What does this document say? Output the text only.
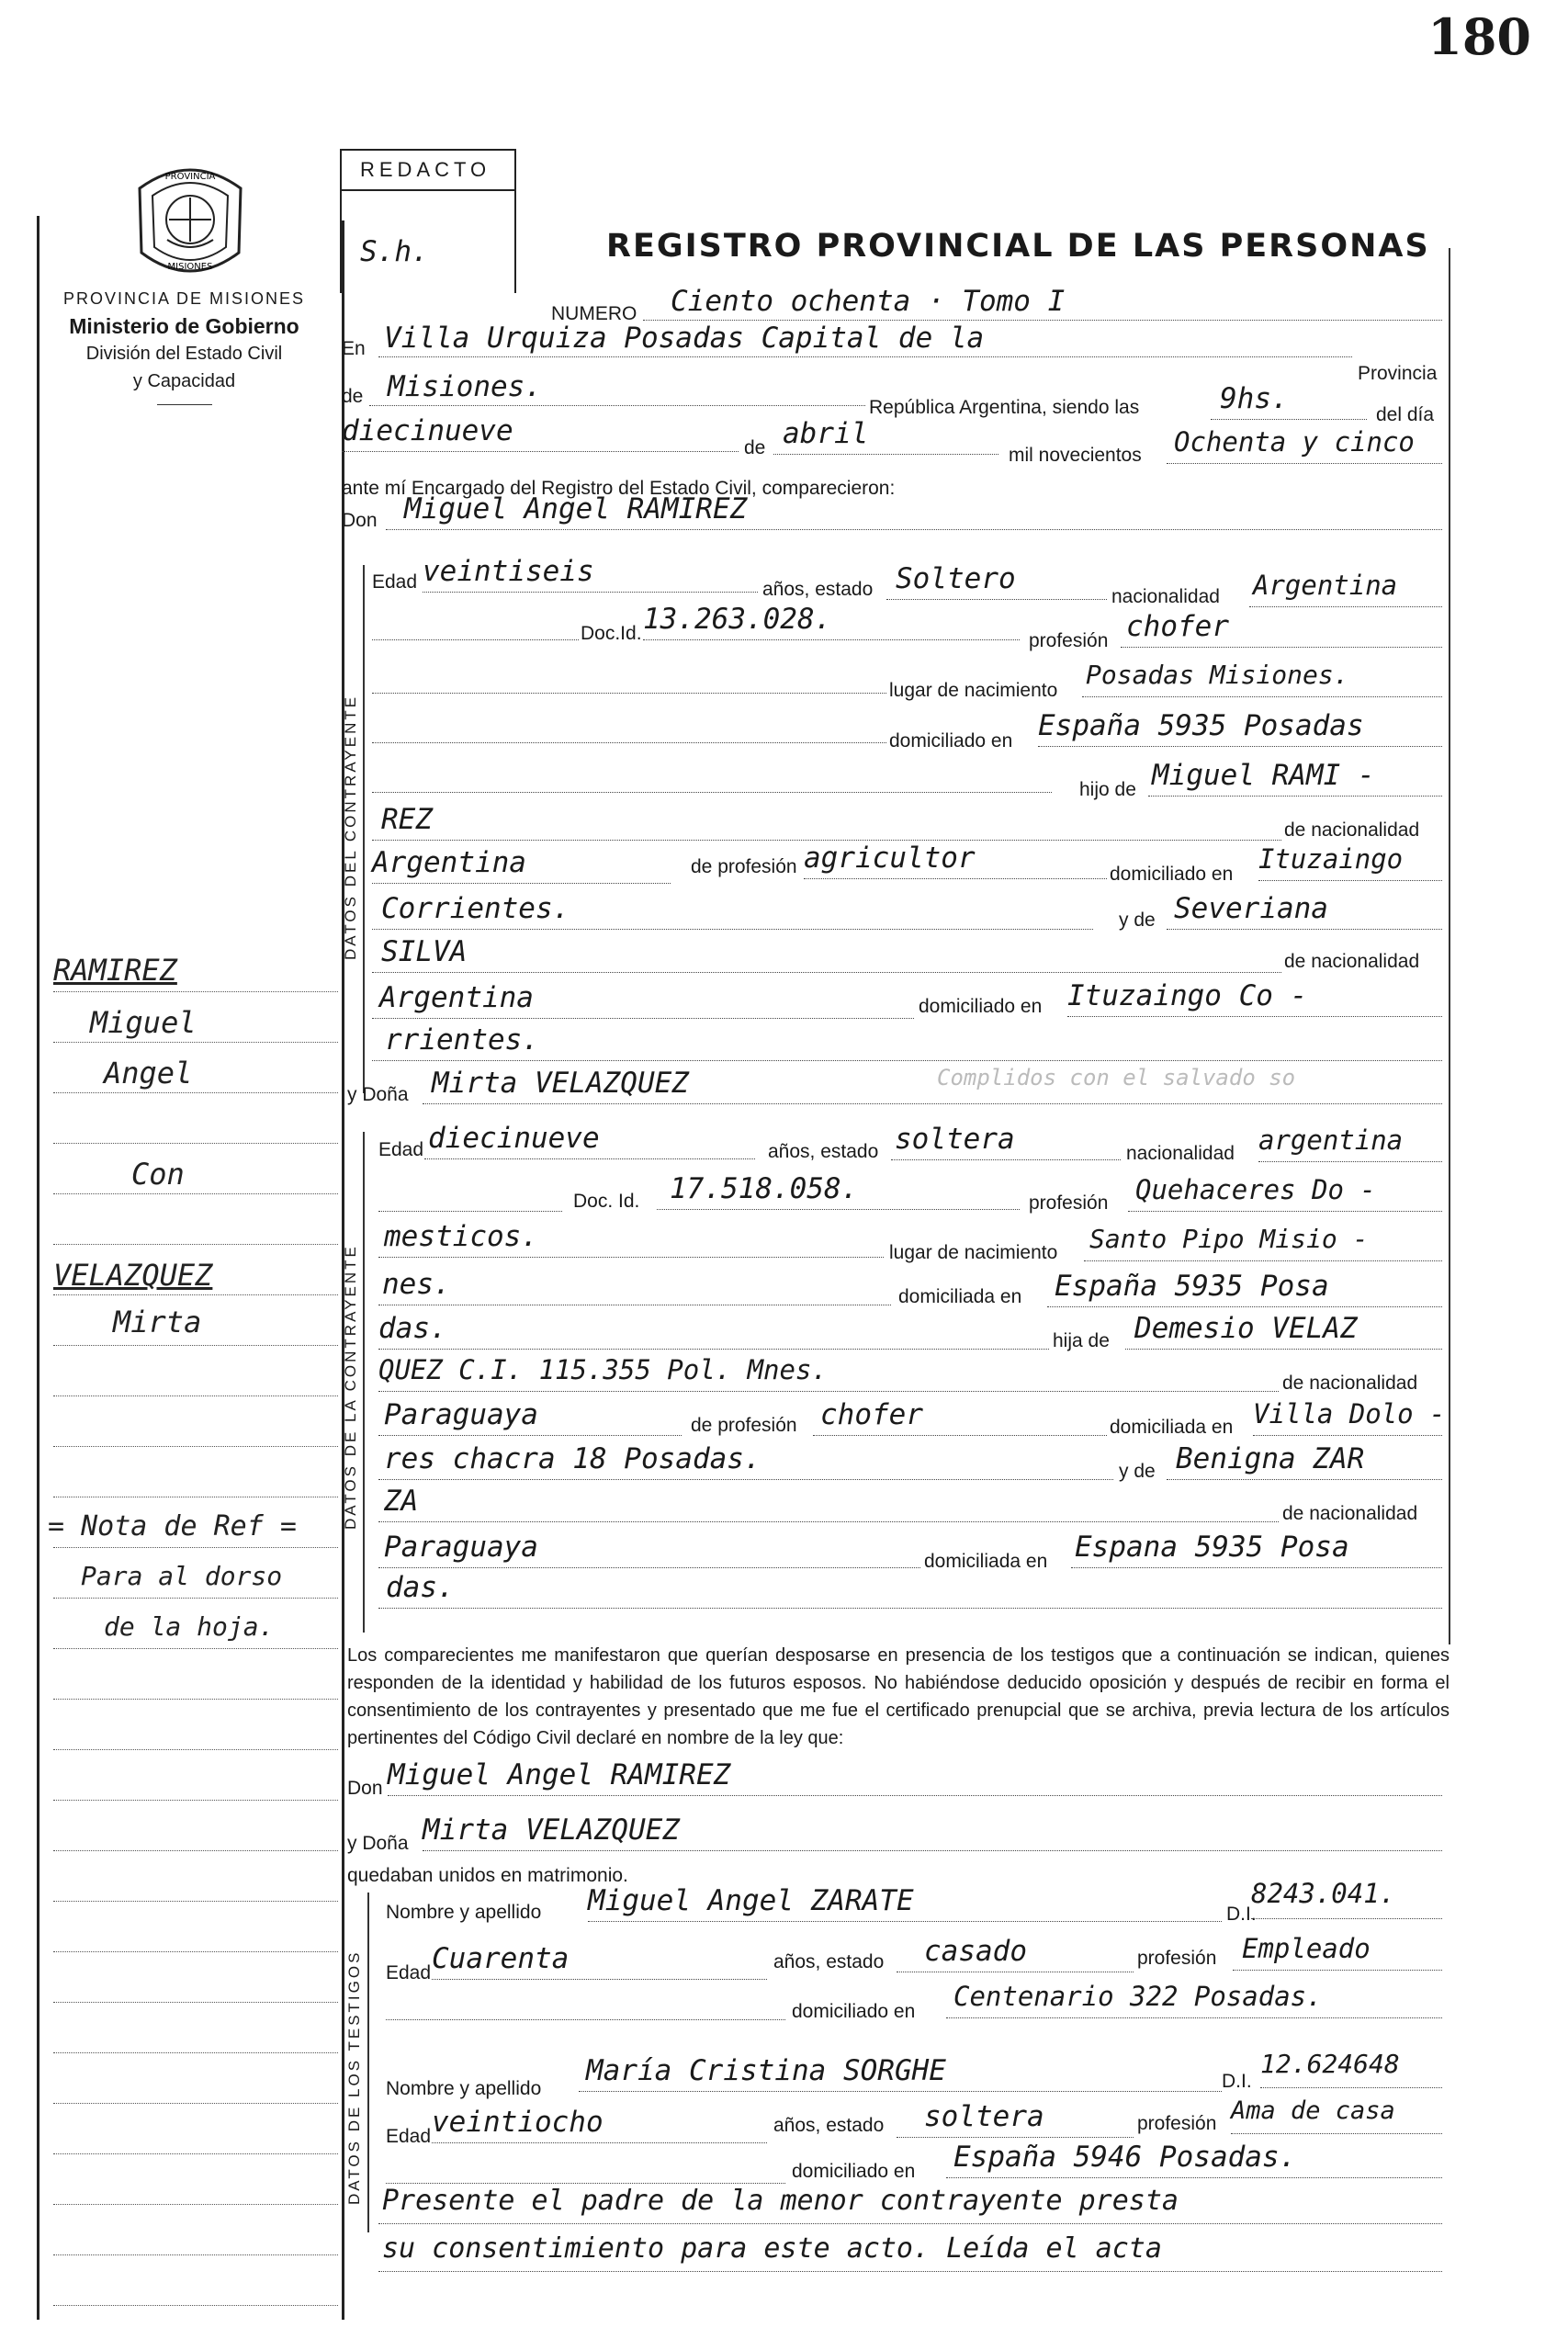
180
PROVINCIA
MISIONES
PROVINCIA DE MISIONES
Ministerio de Gobierno
División del Estado Civil
y Capacidad
RAMIREZ
Miguel
Angel
Con
VELAZQUEZ
Mirta
= Nota de Ref =
Para al dorso
de la hoja.
REDACTO
S.h.	REGISTRO PROVINCIAL DE LAS PERSONAS
NUMERO Ciento ochenta · Tomo I
En Villa Urquiza Posadas Capital de la
Provincia
de Misiones.
República Argentina, siendo las	9hs.	del día
diecinueve
de abril
mil novecientos Ochenta y cinco
ante mí Encargado del Registro del Estado Civil, comparecieron:
Don Miguel Angel RAMIREZ
DATOS DEL CONTRAYENTE
Edad veintiseis
años, estado Soltero
nacionalidad Argentina
Doc.Id. 13.263.028.
profesión chofer
lugar de nacimiento
Posadas Misiones.
domiciliado en España 5935 Posadas
hijo de Miguel RAMI -
REZ	de nacionalidad
Argentina	de profesión agricultor	domiciliado en Ituzaingo
Corrientes.	y de Severiana
SILVA	de nacionalidad
Argentina	domiciliado en Ituzaingo Co -
rrientes.
y Doña Mirta VELAZQUEZ	Complidos con el salvado so
DATOS DE LA CONTRAYENTE
Edad diecinueve	años, estado soltera	nacionalidad argentina
Doc. Id. 17.518.058.	profesión Quehaceres Do -
mesticos.	lugar de nacimiento Santo Pipo Misio -
nes.	domiciliada en España 5935 Posa
das.	hija de Demesio VELAZ
QUEZ C.I. 115.355 Pol. Mnes.	de nacionalidad
Paraguaya	de profesión chofer	domiciliada en Villa Dolo -
res chacra 18 Posadas.	y de Benigna ZAR
ZA	de nacionalidad
Paraguaya	domiciliada en Espana 5935 Posa
das.
Los comparecientes me manifestaron que querían desposarse en presencia de los testigos que a continuación se indican, quienes responden de la identidad y habilidad de los futuros esposos. No habiéndose deducido oposición y después de recibir en forma el consentimiento de los contrayentes y presentado que me fue el certificado prenupcial que se archiva, previa lectura de los artículos pertinentes del Código Civil declaré en nombre de la ley que:
Don Miguel Angel RAMIREZ
y Doña Mirta VELAZQUEZ
quedaban unidos en matrimonio.
DATOS DE LOS TESTIGOS
Nombre y apellido Miguel Angel ZARATE	D.I.
8243.041.
Edad Cuarenta	años, estado casado	profesión Empleado
domiciliado en Centenario 322 Posadas.
Nombre y apellido
María Cristina SORGHE	D.I.
12.624648
Edad veintiocho	años, estado soltera	profesión Ama de casa
domiciliado en España 5946 Posadas.
Presente el padre de la menor contrayente presta
su consentimiento para este acto. Leída el acta
